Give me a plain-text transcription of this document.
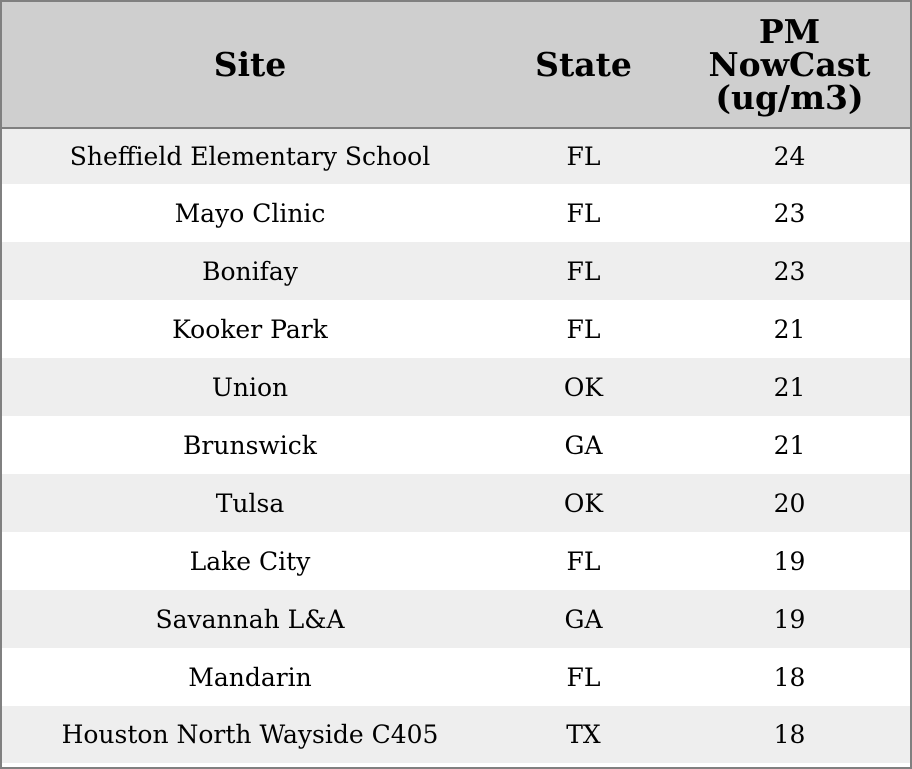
Site	State	PM
NowCast
(ug/m3)
Sheffield Elementary School	FL	24
Mayo Clinic	FL	23
Bonifay	FL	23
Kooker Park	FL	21
Union	OK	21
Brunswick	GA	21
Tulsa	OK	20
Lake City	FL	19
Savannah L&A	GA	19
Mandarin	FL	18
Houston North Wayside C405	TX	18
